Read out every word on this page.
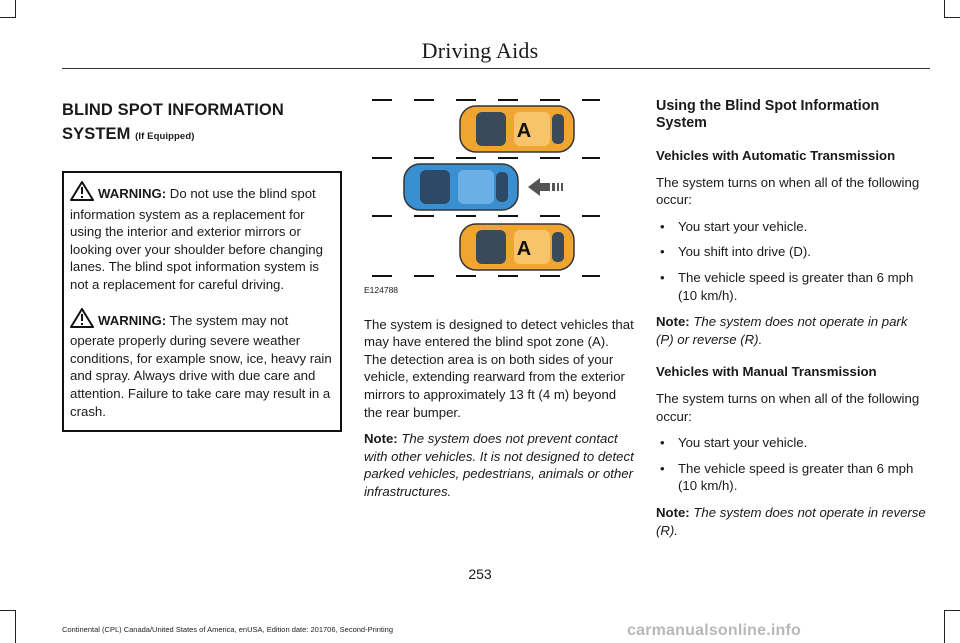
Driving Aids
BLIND SPOT INFORMATION
SYSTEM (If Equipped)

WARNING: Do not use the blind spot information system as a replacement for using the interior and exterior mirrors or looking over your shoulder before changing lanes. The blind spot information system is not a replacement for careful driving.

WARNING: The system may not operate properly during severe weather conditions, for example snow, ice, heavy rain and spray. Always drive with due care and attention. Failure to take care may result in a crash.

A
A
E124788

The system is designed to detect vehicles that may have entered the blind spot zone (A). The detection area is on both sides of your vehicle, extending rearward from the exterior mirrors to approximately 13 ft (4 m) beyond the rear bumper.

Note: The system does not prevent contact with other vehicles. It is not designed to detect parked vehicles, pedestrians, animals or other infrastructures.

Using the Blind Spot Information System
Vehicles with Automatic Transmission

The system turns on when all of the following occur:

• You start your vehicle.
• You shift into drive (D).
• The vehicle speed is greater than 6 mph (10 km/h).

Note: The system does not operate in park (P) or reverse (R).

Vehicles with Manual Transmission

The system turns on when all of the following occur:

• You start your vehicle.
• The vehicle speed is greater than 6 mph (10 km/h).

Note: The system does not operate in reverse (R).

253
Continental (CPL) Canada/United States of America, enUSA, Edition date: 201706, Second-Printing	carmanualsonline.info
